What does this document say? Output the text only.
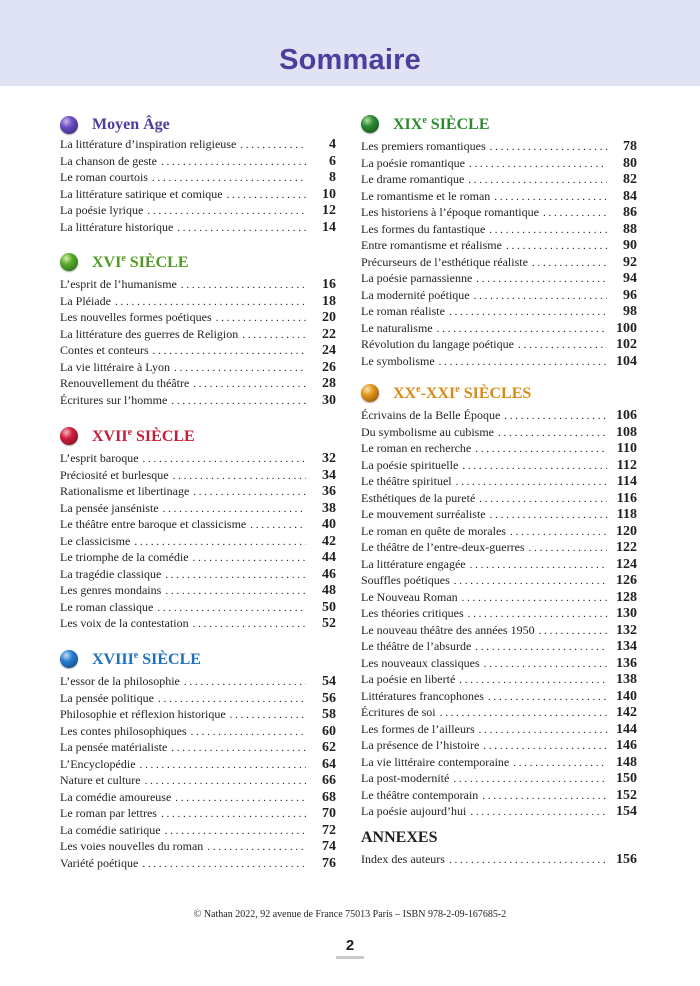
Sommaire
Moyen Âge
La littérature d’inspiration religieuse . . .	4
La chanson de geste . . .	6
Le roman courtois . . .	8
La littérature satirique et comique . . .	10
La poésie lyrique . . .	12
La littérature historique . . .	14
XVIe SIÈCLE
L’esprit de l’humanisme . . .	16
La Pléiade . . .	18
Les nouvelles formes poétiques . . .	20
La littérature des guerres de Religion . . .	22
Contes et conteurs . . .	24
La vie littéraire à Lyon . . .	26
Renouvellement du théâtre . . .	28
Écritures sur l’homme . . .	30
XVIIe SIÈCLE
L’esprit baroque . . .	32
Préciosité et burlesque . . .	34
Rationalisme et libertinage . . .	36
La pensée janséniste . . .	38
Le théâtre entre baroque et classicisme . . .	40
Le classicisme . . .	42
Le triomphe de la comédie . . .	44
La tragédie classique . . .	46
Les genres mondains . . .	48
Le roman classique . . .	50
Les voix de la contestation . . .	52
XVIIIe SIÈCLE
L’essor de la philosophie . . .	54
La pensée politique . . .	56
Philosophie et réflexion historique . . .	58
Les contes philosophiques . . .	60
La pensée matérialiste . . .	62
L’Encyclopédie . . .	64
Nature et culture . . .	66
La comédie amoureuse . . .	68
Le roman par lettres . . .	70
La comédie satirique . . .	72
Les voies nouvelles du roman . . .	74
Variété poétique . . .	76
XIXe SIÈCLE
Les premiers romantiques . . .	78
La poésie romantique . . .	80
Le drame romantique . . .	82
Le romantisme et le roman . . .	84
Les historiens à l’époque romantique . . .	86
Les formes du fantastique . . .	88
Entre romantisme et réalisme . . .	90
Précurseurs de l’esthétique réaliste . . .	92
La poésie parnassienne . . .	94
La modernité poétique . . .	96
Le roman réaliste . . .	98
Le naturalisme . . .	100
Révolution du langage poétique . . .	102
Le symbolisme . . .	104
XXe-XXIe SIÈCLES
Écrivains de la Belle Époque . . .	106
Du symbolisme au cubisme . . .	108
Le roman en recherche . . .	110
La poésie spirituelle . . .	112
Le théâtre spirituel . . .	114
Esthétiques de la pureté . . .	116
Le mouvement surréaliste . . .	118
Le roman en quête de morales . . .	120
Le théâtre de l’entre-deux-guerres . . .	122
La littérature engagée . . .	124
Souffles poétiques . . .	126
Le Nouveau Roman . . .	128
Les théories critiques . . .	130
Le nouveau théâtre des années 1950 . . .	132
Le théâtre de l’absurde . . .	134
Les nouveaux classiques . . .	136
La poésie en liberté . . .	138
Littératures francophones . . .	140
Écritures de soi . . .	142
Les formes de l’ailleurs . . .	144
La présence de l’histoire . . .	146
La vie littéraire contemporaine . . .	148
La post-modernité . . .	150
Le théâtre contemporain . . .	152
La poésie aujourd’hui . . .	154
ANNEXES
Index des auteurs . . .	156
© Nathan 2022, 92 avenue de France 75013 Paris – ISBN 978-2-09-167685-2
2
